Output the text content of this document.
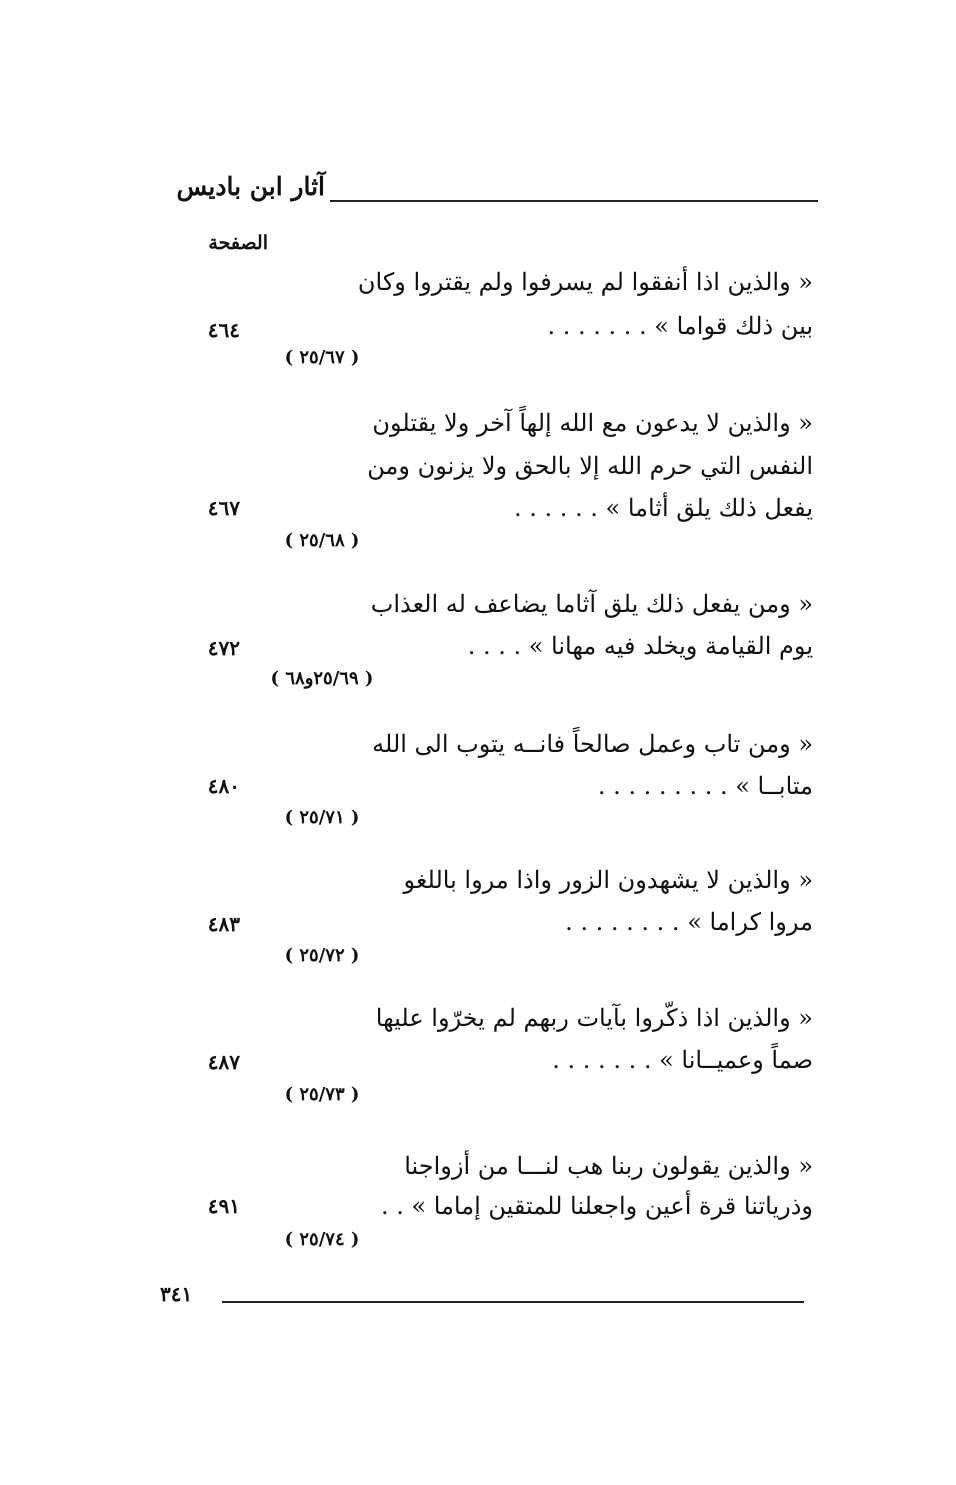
آثار ابن باديس
الصفحة
« والذين اذا أنفقوا لم يسرفوا ولم يقتروا وكان
بين ذلك قواما » . . . . . . .
٤٦٤
( ٢٥/٦٧ )
« والذين لا يدعون مع الله إلهاً آخر ولا يقتلون
النفس التي حرم الله إلا بالحق ولا يزنون ومن
يفعل ذلك يلق أثاما » . . . . . .
٤٦٧
( ٢٥/٦٨ )
« ومن يفعل ذلك يلق آثاما يضاعف له العذاب
يوم القيامة ويخلد فيه مهانا » . . . .
٤٧٢
( ٢٥/٦٩و٦٨ )
« ومن تاب وعمل صالحاً فانــه يتوب الى الله
متابــا » . . . . . . . . .
٤٨٠
( ٢٥/٧١ )
« والذين لا يشهدون الزور واذا مروا باللغو
مروا كراما » . . . . . . . .
٤٨٣
( ٢٥/٧٢ )
« والذين اذا ذكّروا بآيات ربهم لم يخرّوا عليها
صماً وعميــانا » . . . . . . .
٤٨٧
( ٢٥/٧٣ )
« والذين يقولون ربنا هب لنـــا من أزواجنا
وذرياتنا قرة أعين واجعلنا للمتقين إماما » . .
٤٩١
( ٢٥/٧٤ )
٣٤١
